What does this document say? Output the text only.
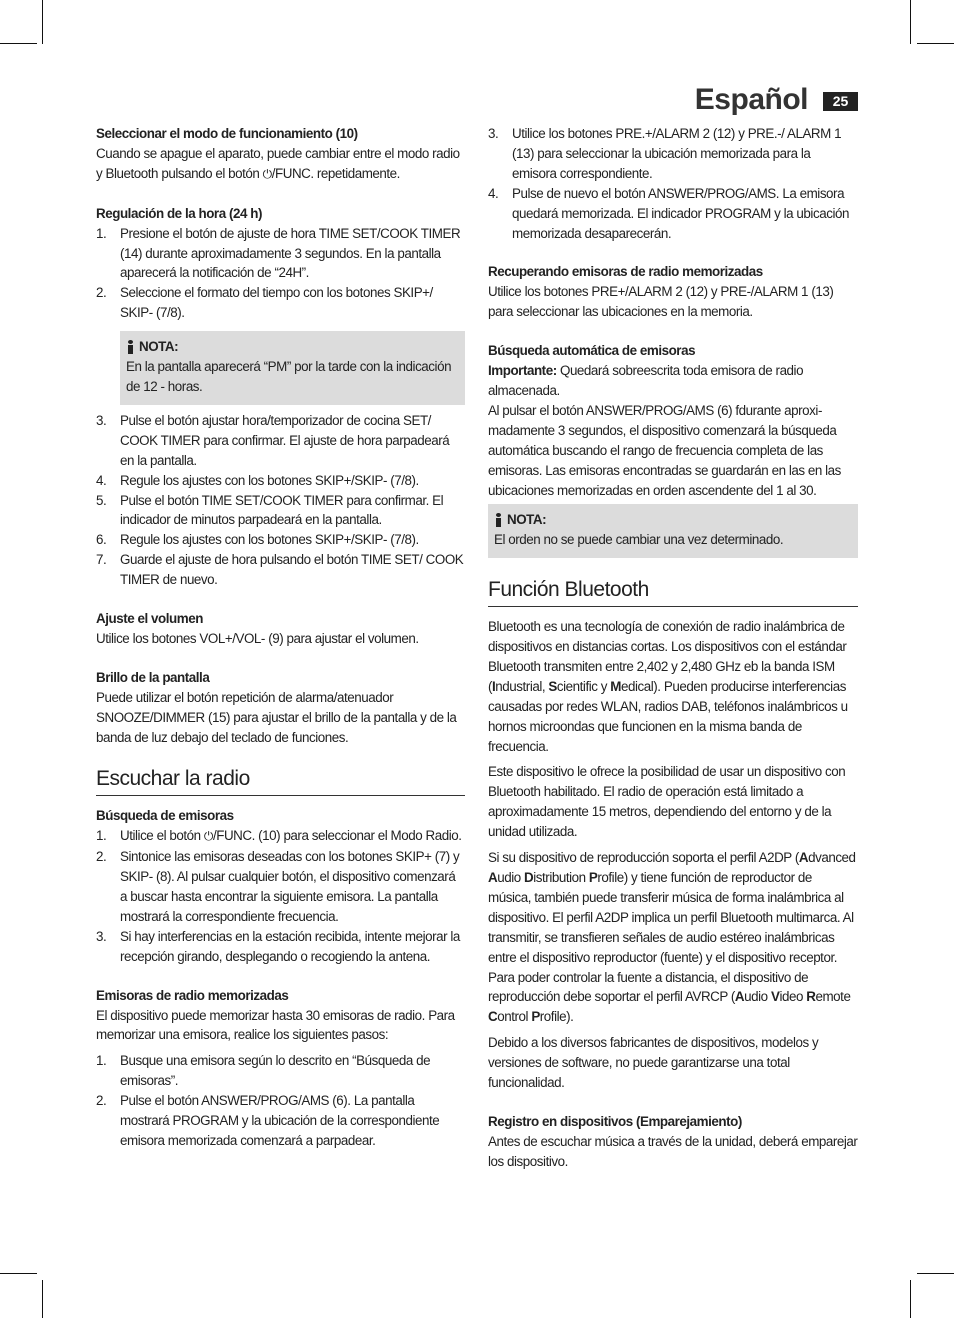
Español	25
Seleccionar el modo de funcionamiento (10)

Cuando se apague el aparato, puede cambiar entre el modo radio y Bluetooth pulsando el botón ⏻/FUNC. repetidamente.

Regulación de la hora (24 h)
1. Presione el botón de ajuste de hora TIME SET/COOK TIMER (14) durante aproximadamente 3 segundos. En la pantalla aparecerá la notificación de “24H”.
2. Seleccione el formato del tiempo con los botones SKIP+/ SKIP- (7/8).
NOTA:
En la pantalla aparecerá “PM” por la tarde con la indicación de 12 - horas.
3. Pulse el botón ajustar hora/temporizador de cocina SET/ COOK TIMER para confirmar. El ajuste de hora parpadeará en la pantalla.
4. Regule los ajustes con los botones SKIP+/SKIP- (7/8).
5. Pulse el botón TIME SET/COOK TIMER para confirmar. El indicador de minutos parpadeará en la pantalla.
6. Regule los ajustes con los botones SKIP+/SKIP- (7/8).
7. Guarde el ajuste de hora pulsando el botón TIME SET/ COOK TIMER de nuevo.
Ajuste el volumen

Utilice los botones VOL+/VOL- (9) para ajustar el volumen.

Brillo de la pantalla

Puede utilizar el botón repetición de alarma/atenuador SNOOZE/DIMMER (15) para ajustar el brillo de la pantalla y de la banda de luz debajo del teclado de funciones.

Escuchar la radio
Búsqueda de emisoras
1. Utilice el botón ⏻/FUNC. (10) para seleccionar el Modo Radio.
2. Sintonice las emisoras deseadas con los botones SKIP+ (7) y SKIP- (8). Al pulsar cualquier botón, el dispositivo comenzará a buscar hasta encontrar la siguiente emisora. La pantalla mostrará la correspondiente frecuencia.
3. Si hay interferencias en la estación recibida, intente mejorar la recepción girando, desplegando o recogiendo la antena.
Emisoras de radio memorizadas

El dispositivo puede memorizar hasta 30 emisoras de radio. Para memorizar una emisora, realice los siguientes pasos:

1. Busque una emisora según lo descrito en “Búsqueda de emisoras”.
2. Pulse el botón ANSWER/PROG/AMS (6). La pantalla mostrará PROGRAM y la ubicación de la correspondiente emisora memorizada comenzará a parpadear.
3. Utilice los botones PRE.+/ALARM 2 (12) y PRE.-/ ALARM 1 (13) para seleccionar la ubicación memorizada para la emisora correspondiente.
4. Pulse de nuevo el botón ANSWER/PROG/AMS. La emisora quedará memorizada. El indicador PROGRAM y la ubicación memorizada desaparecerán.
Recuperando emisoras de radio memorizadas

Utilice los botones PRE+/ALARM 2 (12) y PRE-/ALARM 1 (13) para seleccionar las ubicaciones en la memoria.

Búsqueda automática de emisoras

Importante: Quedará sobreescrita toda emisora de radio almacenada.

Al pulsar el botón ANSWER/PROG/AMS (6) fdurante aproximadamente 3 segundos, el dispositivo comenzará la búsqueda automática buscando el rango de frecuencia completa de las emisoras. Las emisoras encontradas se guardarán en las en las ubicaciones memorizadas en orden ascendente del 1 al 30.

NOTA:
El orden no se puede cambiar una vez determinado.
Función Bluetooth

Bluetooth es una tecnología de conexión de radio inalámbrica de dispositivos en distancias cortas. Los dispositivos con el estándar Bluetooth transmiten entre 2,402 y 2,480 GHz eb la banda ISM (Industrial, Scientific y Medical). Pueden producirse interferencias causadas por redes WLAN, radios DAB, teléfonos inalámbricos u hornos microondas que funcionen en la misma banda de frecuencia.

Este dispositivo le ofrece la posibilidad de usar un dispositivo con Bluetooth habilitado. El radio de operación está limitado a aproximadamente 15 metros, dependiendo del entorno y de la unidad utilizada.

Si su dispositivo de reproducción soporta el perfil A2DP (Advanced Audio Distribution Profile) y tiene función de reproductor de música, también puede transferir música de forma inalámbrica al dispositivo. El perfil A2DP implica un perfil Bluetooth multimarca. Al transmitir, se transfieren señales de audio estéreo inalámbricas entre el dispositivo reproductor (fuente) y el dispositivo receptor. Para poder controlar la fuente a distancia, el dispositivo de reproducción debe soportar el perfil AVRCP (Audio Video Remote Control Profile).

Debido a los diversos fabricantes de dispositivos, modelos y versiones de software, no puede garantizarse una total funcionalidad.

Registro en dispositivos (Emparejamiento)

Antes de escuchar música a través de la unidad, deberá emparejar los dispositivo.
